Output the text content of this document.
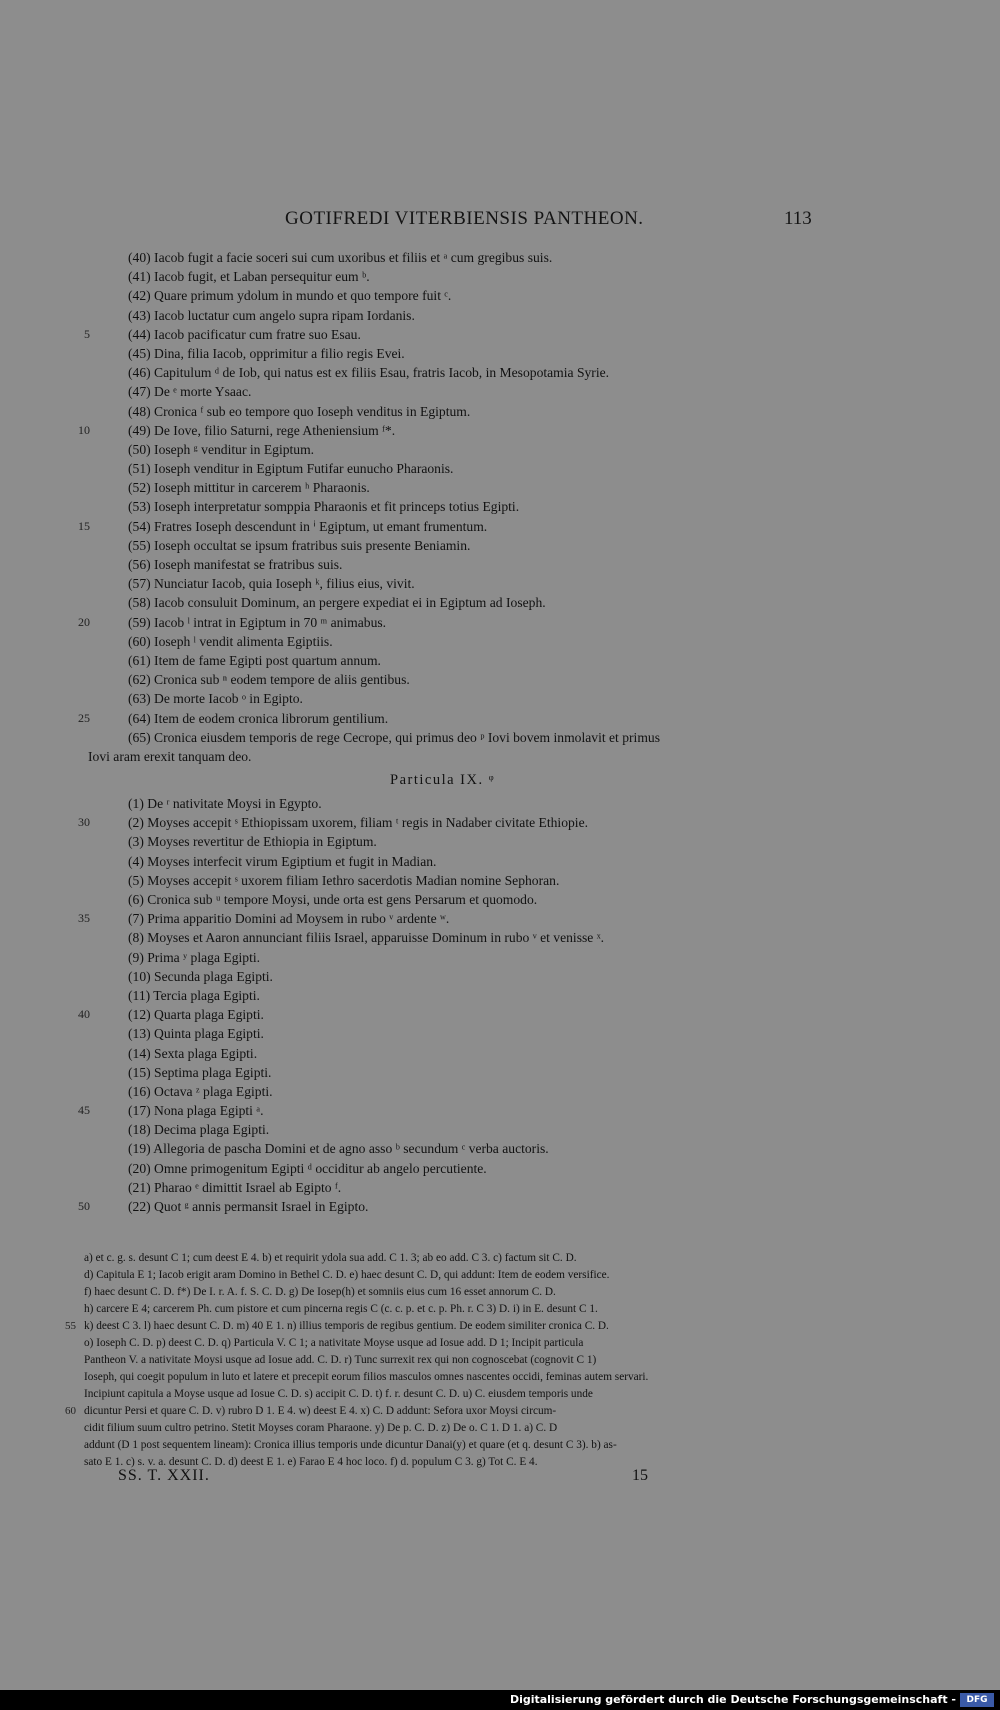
GOTIFREDI VITERBIENSIS PANTHEON.	113
(40) Iacob fugit a facie soceri sui cum uxoribus et filiis et ᵃ cum gregibus suis.
(41) Iacob fugit, et Laban persequitur eum ᵇ.
(42) Quare primum ydolum in mundo et quo tempore fuit ᶜ.
(43) Iacob luctatur cum angelo supra ripam Iordanis.
5	(44) Iacob pacificatur cum fratre suo Esau.
(45) Dina, filia Iacob, opprimitur a filio regis Evei.
(46) Capitulum ᵈ de Iob, qui natus est ex filiis Esau, fratris Iacob, in Mesopotamia Syrie.
(47) De ᵉ morte Ysaac.
(48) Cronica ᶠ sub eo tempore quo Ioseph venditus in Egiptum.
10	(49) De Iove, filio Saturni, rege Atheniensium ᶠ*.
(50) Ioseph ᵍ venditur in Egiptum.
(51) Ioseph venditur in Egiptum Futifar eunucho Pharaonis.
(52) Ioseph mittitur in carcerem ʰ Pharaonis.
(53) Ioseph interpretatur somppia Pharaonis et fit princeps totius Egipti.
15	(54) Fratres Ioseph descendunt in ⁱ Egiptum, ut emant frumentum.
(55) Ioseph occultat se ipsum fratribus suis presente Beniamin.
(56) Ioseph manifestat se fratribus suis.
(57) Nunciatur Iacob, quia Ioseph ᵏ, filius eius, vivit.
(58) Iacob consuluit Dominum, an pergere expediat ei in Egiptum ad Ioseph.
20	(59) Iacob ˡ intrat in Egiptum in 70 ᵐ animabus.
(60) Ioseph ˡ vendit alimenta Egiptiis.
(61) Item de fame Egipti post quartum annum.
(62) Cronica sub ⁿ eodem tempore de aliis gentibus.
(63) De morte Iacob ᵒ in Egipto.
25	(64) Item de eodem cronica librorum gentilium.
(65) Cronica eiusdem temporis de rege Cecrope, qui primus deo ᵖ Iovi bovem inmolavit et primus
Iovi aram erexit tanquam deo.
Particula IX. ᵠ
(1) De ʳ nativitate Moysi in Egypto.
30	(2) Moyses accepit ˢ Ethiopissam uxorem, filiam ᵗ regis in Nadaber civitate Ethiopie.
(3) Moyses revertitur de Ethiopia in Egiptum.
(4) Moyses interfecit virum Egiptium et fugit in Madian.
(5) Moyses accepit ˢ uxorem filiam Iethro sacerdotis Madian nomine Sephoran.
(6) Cronica sub ᵘ tempore Moysi, unde orta est gens Persarum et quomodo.
35	(7) Prima apparitio Domini ad Moysem in rubo ᵛ ardente ʷ.
(8) Moyses et Aaron annunciant filiis Israel, apparuisse Dominum in rubo ᵛ et venisse ˣ.
(9) Prima ʸ plaga Egipti.
(10) Secunda plaga Egipti.
(11) Tercia plaga Egipti.
40	(12) Quarta plaga Egipti.
(13) Quinta plaga Egipti.
(14) Sexta plaga Egipti.
(15) Septima plaga Egipti.
(16) Octava ᶻ plaga Egipti.
45	(17) Nona plaga Egipti ᵃ.
(18) Decima plaga Egipti.
(19) Allegoria de pascha Domini et de agno asso ᵇ secundum ᶜ verba auctoris.
(20) Omne primogenitum Egipti ᵈ occiditur ab angelo percutiente.
(21) Pharao ᵉ dimittit Israel ab Egipto ᶠ.
50	(22) Quot ᵍ annis permansit Israel in Egipto.
a) et c. g. s. desunt C 1; cum deest E 4. b) et requirit ydola sua add. C 1. 3; ab eo add. C 3. c) factum sit C. D.
d) Capitula E 1; Iacob erigit aram Domino in Bethel C. D. e) haec desunt C. D, qui addunt: Item de eodem versifice.
f) haec desunt C. D. f*) De I. r. A. f. S. C. D. g) De Iosep(h) et somniis eius cum 16 esset annorum C. D.
h) carcere E 4; carcerem Ph. cum pistore et cum pincerna regis C (c. c. p. et c. p. Ph. r. C 3) D. i) in E. desunt C 1.
55 k) deest C 3. l) haec desunt C. D. m) 40 E 1. n) illius temporis de regibus gentium. De eodem similiter cronica C. D.
o) Ioseph C. D. p) deest C. D. q) Particula V. C 1; a nativitate Moyse usque ad Iosue add. D 1; Incipit particula
Pantheon V. a nativitate Moysi usque ad Iosue add. C. D. r) Tunc surrexit rex qui non cognoscebat (cognovit C 1)
Ioseph, qui coegit populum in luto et latere et precepit eorum filios masculos omnes nascentes occidi, feminas autem servari.
Incipiunt capitula a Moyse usque ad Iosue C. D. s) accipit C. D. t) f. r. desunt C. D. u) C. eiusdem temporis unde
60 dicuntur Persi et quare C. D. v) rubro D 1. E 4. w) deest E 4. x) C. D addunt: Sefora uxor Moysi circum-
cidit filium suum cultro petrino. Stetit Moyses coram Pharaone. y) De p. C. D. z) De o. C 1. D 1. a) C. D
addunt (D 1 post sequentem lineam): Cronica illius temporis unde dicuntur Danai(y) et quare (et q. desunt C 3). b) as-
sato E 1. c) s. v. a. desunt C. D. d) deest E 1. e) Farao E 4 hoc loco. f) d. populum C 3. g) Tot C. E 4.
SS. T. XXII.	15
Digitalisierung gefördert durch die Deutsche Forschungsgemeinschaft -	DFG
